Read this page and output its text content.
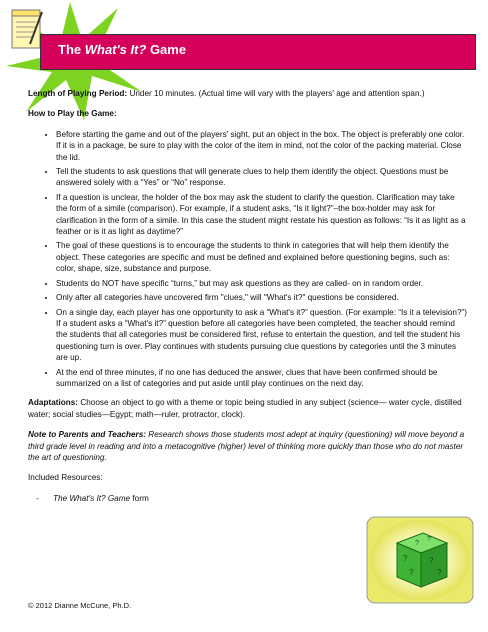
The What's It? Game

Length of Playing Period: Under 10 minutes. (Actual time will vary with the players' age and attention span.)

How to Play the Game:

• Before starting the game and out of the players' sight, put an object in the box. The object is preferably one color. If it is in a package, be sure to play with the color of the item in mind, not the color of the packing material. Close the lid.
• Tell the students to ask questions that will generate clues to help them identify the object. Questions must be answered solely with a “Yes” or “No” response.
• If a question is unclear, the holder of the box may ask the student to clarify the question. Clarification may take the form of a simile (comparison). For example, if a student asks, “Is it light?”–the box-holder may ask for clarification in the form of a simile. In this case the student might restate his question as follows: “Is it as light as a feather or is it as light as daytime?”
• The goal of these questions is to encourage the students to think in categories that will help them identify the object. These categories are specific and must be defined and explained before questioning begins, such as: color, shape, size, substance and purpose.
• Students do NOT have specific “turns,” but may ask questions as they are called- on in random order.
• Only after all categories have uncovered firm "clues," will "What's it?" questions be considered.
• On a single day, each player has one opportunity to ask a “What's it?” question. (For example: “Is it a television?”) If a student asks a “What's it?” question before all categories have been completed, the teacher should remind the students that all categories must be considered first, refuse to entertain the question, and tell the student his questioning turn is over. Play continues with students pursuing clue questions by categories until the 3 minutes are up.
• At the end of three minutes, if no one has deduced the answer, clues that have been confirmed should be summarized on a list of categories and put aside until play continues on the next day.

Adaptations: Choose an object to go with a theme or topic being studied in any subject (science— water cycle, distilled water; social studies—Egypt; math—ruler, protractor, clock).

Note to Parents and Teachers: Research shows those students most adept at inquiry (questioning) will move beyond a third grade level in reading and into a metacognitive (higher) level of thinking more quickly than those who do not master the art of questioning.

Included Resources:

- The What's It? Game form
?
?
?
?
?
?
© 2012 Dianne McCune, Ph.D.
